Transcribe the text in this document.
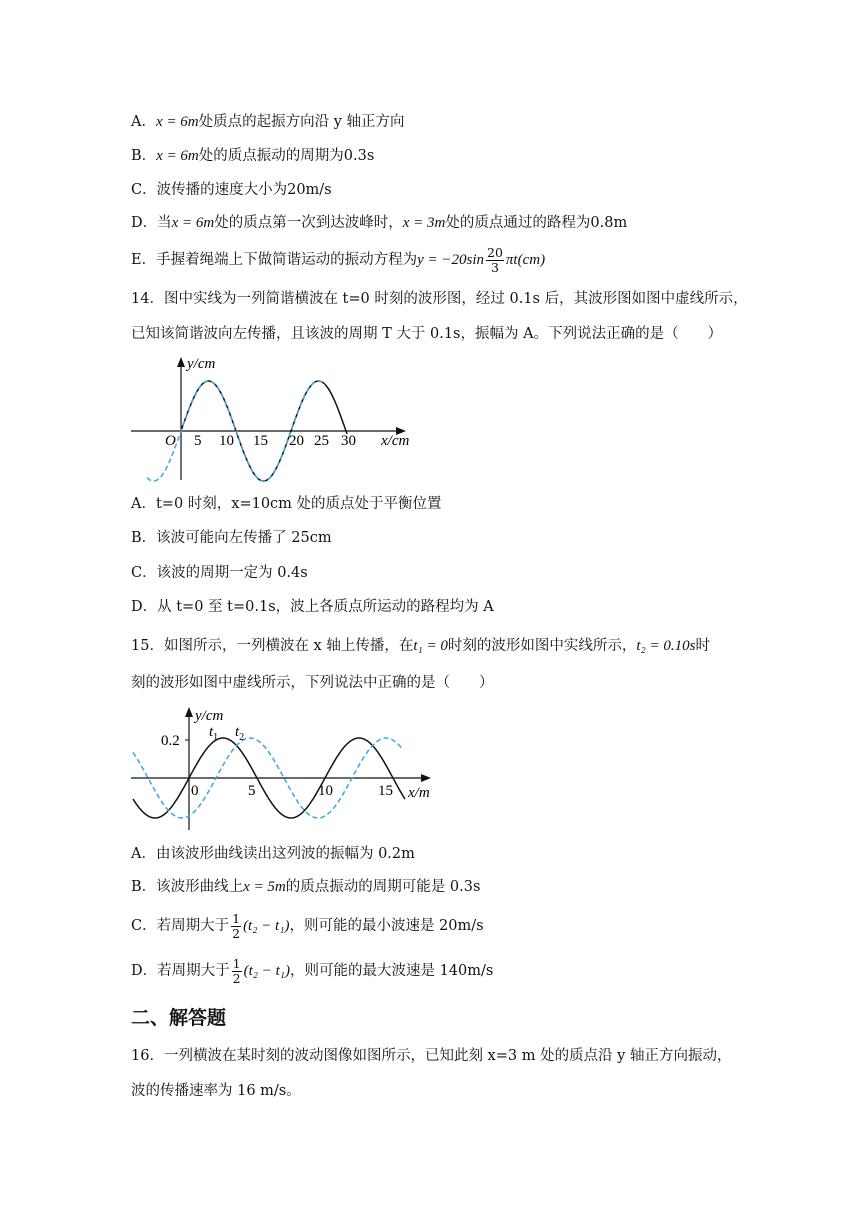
A．x = 6m处质点的起振方向沿 y 轴正方向
B．x = 6m处的质点振动的周期为0.3s
C．波传播的速度大小为20m/s
D．当x = 6m处的质点第一次到达波峰时，x = 3m处的质点通过的路程为0.8m
E．手握着绳端上下做简谐运动的振动方程为$y = -20\sin \frac{20}{3} \pi t(cm)$
14．图中实线为一列简谐横波在 t=0 时刻的波形图，经过 0.1s 后，其波形图如图中虚线所示，
已知该简谐波向左传播，且该波的周期 T 大于 0.1s，振幅为 A。下列说法正确的是（　　）
y/cm
O 5 10 15 20 25 30 x/cm
A．t=0 时刻，x=10cm 处的质点处于平衡位置
B．该波可能向左传播了 25cm
C．该波的周期一定为 0.4s
D．从 t=0 至 t=0.1s，波上各质点所运动的路程均为 A
15．如图所示，一列横波在 x 轴上传播，在t₁ = 0时刻的波形如图中实线所示，t₂ = 0.10s时
刻的波形如图中虚线所示，下列说法中正确的是（　　）
y/cm
0.2
$t_1$ $t_2$
0	5	10	15 x/m
A．由该波形曲线读出这列波的振幅为 0.2m
B．该波形曲线上x = 5m的质点振动的周期可能是 0.3s
C．若周期大于 $\frac{1}{2} (t_2 - t_1)$，则可能的最小波速是 20m/s
D．若周期大于 $\frac{1}{2} (t_2 - t_1)$，则可能的最大波速是 140m/s
二、解答题
16．一列横波在某时刻的波动图像如图所示，已知此刻 x=3 m 处的质点沿 y 轴正方向振动，
波的传播速率为 16 m/s。
